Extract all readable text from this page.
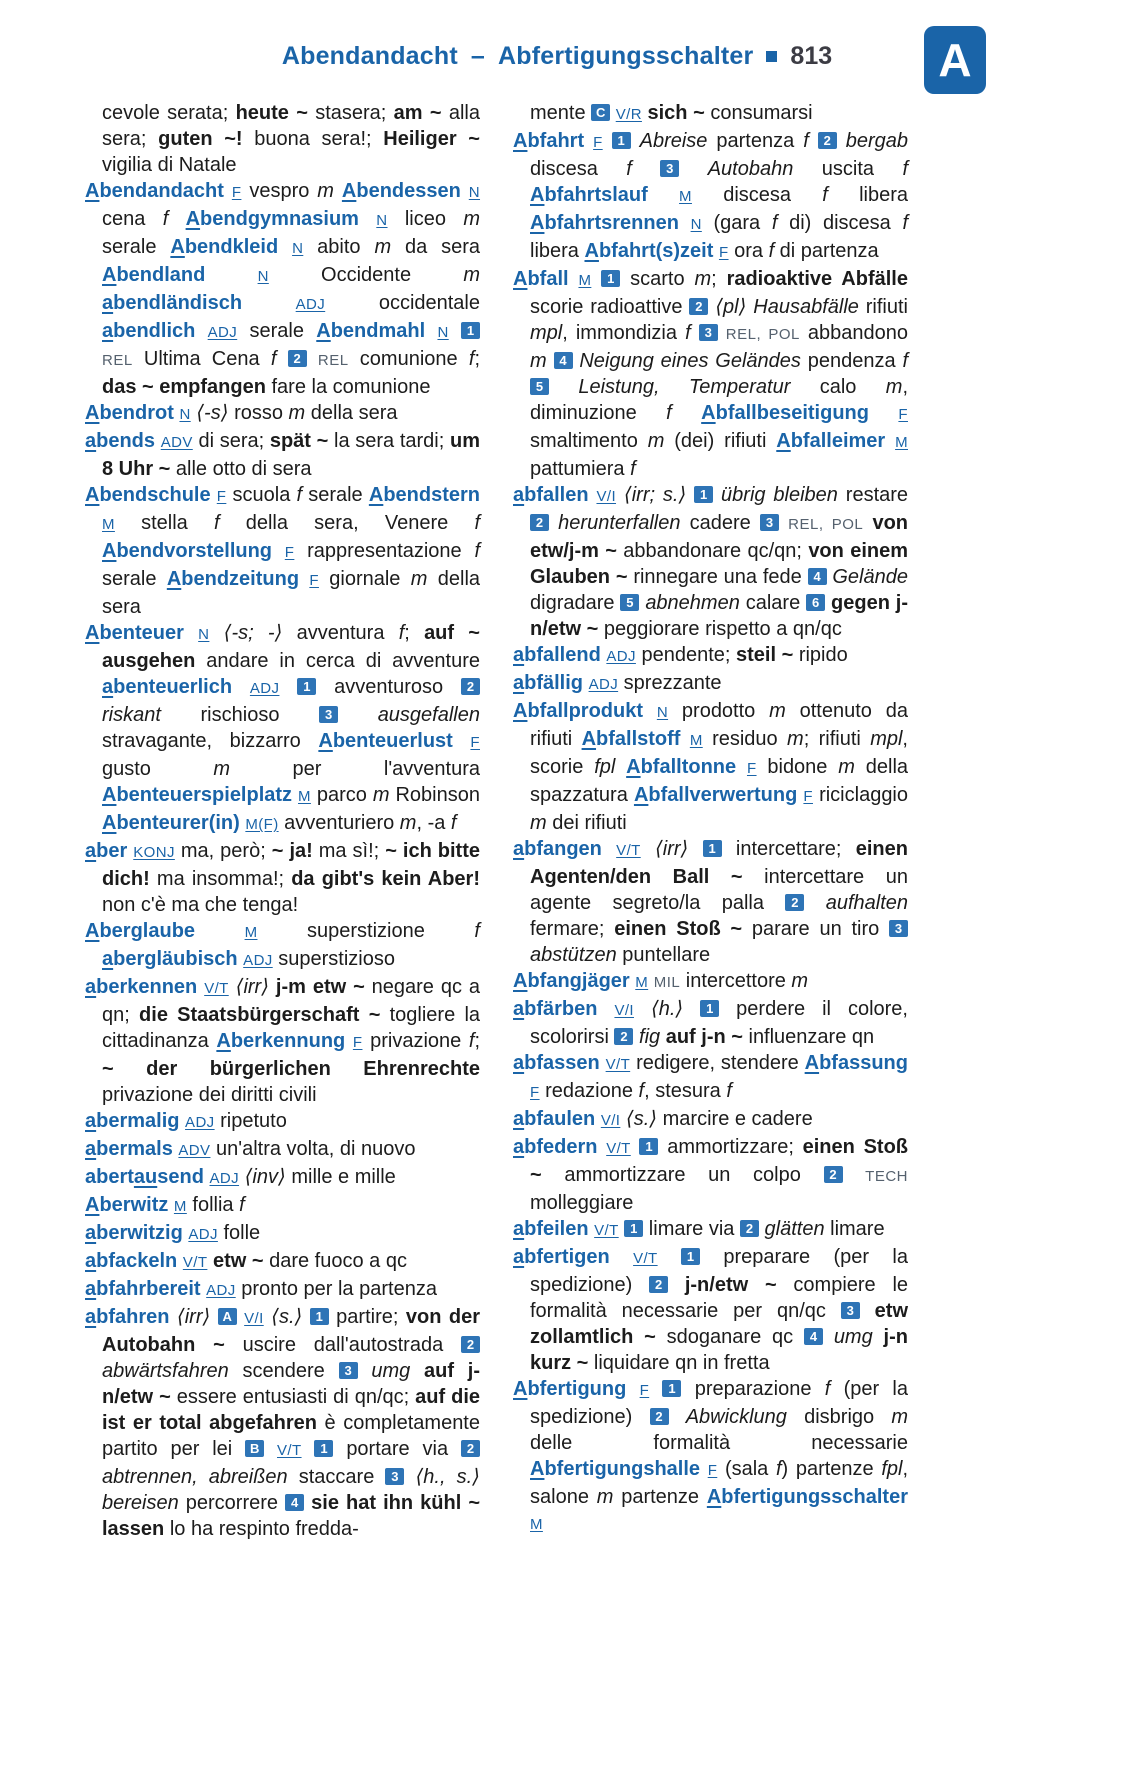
Abendandacht – Abfertigungsschalter 813	A
cevole serata; heute ~ stasera; am ~ alla sera; guten ~! buona sera!; Heiliger ~ vigilia di Natale
Abendandacht F vespro m Abendessen N cena f Abendgymnasium N liceo m serale Abendkleid N abito m da sera Abendland	N Occidente m abendländisch	ADJ occidentale abendlich ADJ serale Abendmahl N 1 REL Ultima Cena f 2 REL comunione f; das ~ empfangen fare la comunione
Abendrot N ⟨-s⟩ rosso m della sera
abends ADV di sera; spät ~ la sera tardi; um 8 Uhr ~ alle otto di sera
Abendschule F scuola f serale Abendstern M stella f della sera, Venere f Abendvorstellung F rappresentazione f serale Abendzeitung F giornale m della sera
Abenteuer N ⟨-s; -⟩ avventura f; auf ~ ausgehen andare in cerca di avventure abenteuerlich ADJ 1 avventuroso 2 riskant rischioso 3 ausgefallen stravagante, bizzarro Abenteuerlust F gusto m per l'avventura Abenteuerspielplatz M parco m Robinson Abenteurer(in) M(F) avventuriero m, -a f
aber KONJ ma, però; ~ ja! ma sì!; ~ ich bitte dich! ma insomma!; da gibt's kein Aber! non c'è ma che tenga!
Aberglaube	M superstizione f abergläubisch ADJ superstizioso
aberkennen V/T ⟨irr⟩ j-m etw ~ negare qc a qn; die Staatsbürgerschaft ~ togliere la cittadinanza Aberkennung F privazione f; ~ der bürgerlichen Ehrenrechte privazione dei diritti civili
abermalig ADJ ripetuto
abermals ADV un'altra volta, di nuovo
abertausend ADJ ⟨inv⟩ mille e mille
Aberwitz M follia f
aberwitzig ADJ folle
abfackeln V/T etw ~ dare fuoco a qc
abfahrbereit ADJ pronto per la partenza
abfahren ⟨irr⟩ A V/I ⟨s.⟩ 1 partire; von der Autobahn ~ uscire dall'autostrada 2 abwärtsfahren scendere 3 umg auf j-n/etw ~ essere entusiasti di qn/qc; auf die ist er total abgefahren è completamente partito per lei B V/T 1 portare via 2 abtrennen, abreißen staccare 3 ⟨h., s.⟩ bereisen percorrere 4 sie hat ihn kühl ~ lassen lo ha respinto fredda-
mente C V/R sich ~ consumarsi
Abfahrt F 1 Abreise partenza f 2 bergab discesa f	3 Autobahn uscita f Abfahrtslauf M discesa f libera Abfahrtsrennen N (gara f di) discesa f libera Abfahrt(s)zeit F ora f di partenza
Abfall M 1 scarto m; radioaktive Abfälle scorie radioattive 2 ⟨pl⟩ Hausabfälle rifiuti mpl, immondizia f 3 REL, POL abbandono m 4 Neigung eines Geländes pendenza f 5 Leistung, Temperatur calo m, diminuzione f Abfallbeseitigung F smaltimento m (dei) rifiuti Abfalleimer M pattumiera f
abfallen V/I ⟨irr; s.⟩ 1 übrig bleiben restare 2 herunterfallen cadere 3 REL, POL von etw/j-m ~ abbandonare qc/qn; von einem Glauben ~ rinnegare una fede 4 Gelände digradare 5 abnehmen calare 6 gegen j-n/etw ~ peggiorare rispetto a qn/qc
abfallend ADJ pendente; steil ~ ripido
abfällig ADJ sprezzante
Abfallprodukt N prodotto m ottenuto da rifiuti Abfallstoff M residuo m; rifiuti mpl, scorie fpl Abfalltonne F bidone m della spazzatura Abfallverwertung F riciclaggio m dei rifiuti
abfangen V/T ⟨irr⟩ 1 intercettare; einen Agenten/den Ball ~ intercettare un agente segreto/la palla 2 aufhalten fermare; einen Stoß ~ parare un tiro 3 abstützen puntellare
Abfangjäger M MIL intercettore m
abfärben V/I ⟨h.⟩ 1 perdere il colore, scolorirsi 2 fig auf j-n ~ influenzare qn
abfassen V/T redigere, stendere Abfassung F redazione f, stesura f
abfaulen V/I ⟨s.⟩ marcire e cadere
abfedern V/T 1 ammortizzare; einen Stoß ~ ammortizzare un colpo 2 TECH molleggiare
abfeilen V/T 1 limare via 2 glätten limare
abfertigen V/T 1 preparare (per la spedizione) 2 j-n/etw ~ compiere le formalità necessarie per qn/qc 3 etw zollamtlich ~ sdoganare qc 4 umg j-n kurz ~ liquidare qn in fretta
Abfertigung F 1 preparazione f (per la spedizione) 2 Abwicklung disbrigo m delle formalità necessarie Abfertigungshalle F (sala f) partenze fpl, salone m partenze Abfertigungsschalter M
